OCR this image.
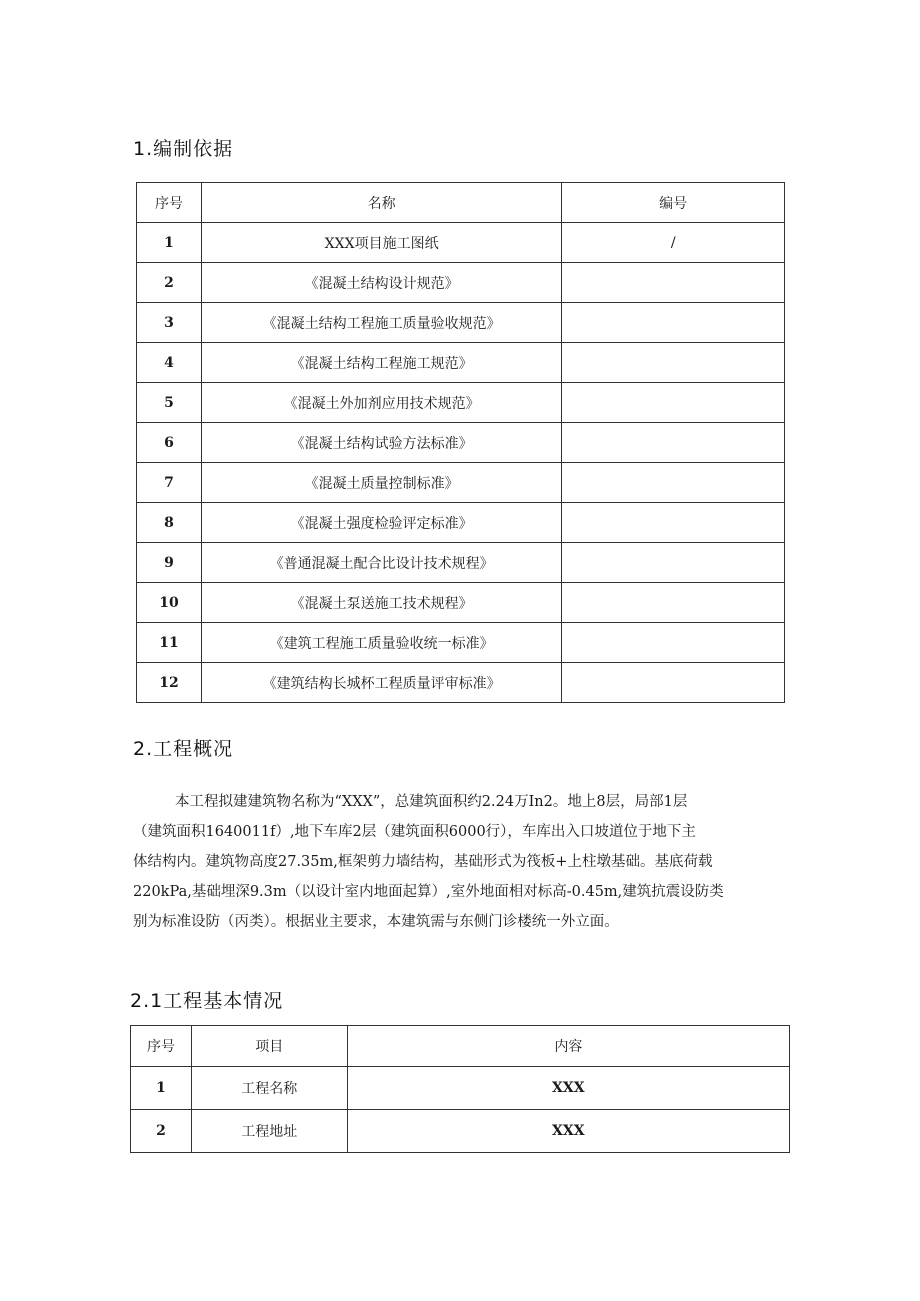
1.编制依据
序号	名称	编号
1	XXX项目施工图纸	/
2	《混凝土结构设计规范》	
3	《混凝土结构工程施工质量验收规范》	
4	《混凝土结构工程施工规范》	
5	《混凝土外加剂应用技术规范》	
6	《混凝土结构试验方法标准》	
7	《混凝土质量控制标准》	
8	《混凝土强度检验评定标准》	
9	《普通混凝土配合比设计技术规程》	
10	《混凝土泵送施工技术规程》	
11	《建筑工程施工质量验收统一标准》	
12	《建筑结构长城杯工程质量评审标准》	
2.工程概况
本工程拟建建筑物名称为“XXX”，总建筑面积约2.24万In2。地上8层，局部1层
（建筑面积1640011f）,地下车库2层（建筑面积6000行），车库出入口坡道位于地下主
体结构内。建筑物高度27.35m,框架剪力墙结构，基础形式为筏板+上柱墩基础。基底荷载
220kPa,基础埋深9.3m（以设计室内地面起算）,室外地面相对标高-0.45m,建筑抗震设防类
别为标准设防（丙类）。根据业主要求，本建筑需与东侧门诊楼统一外立面。
2.1工程基本情况
序号	项目	内容
1	工程名称	XXX
2	工程地址	XXX
